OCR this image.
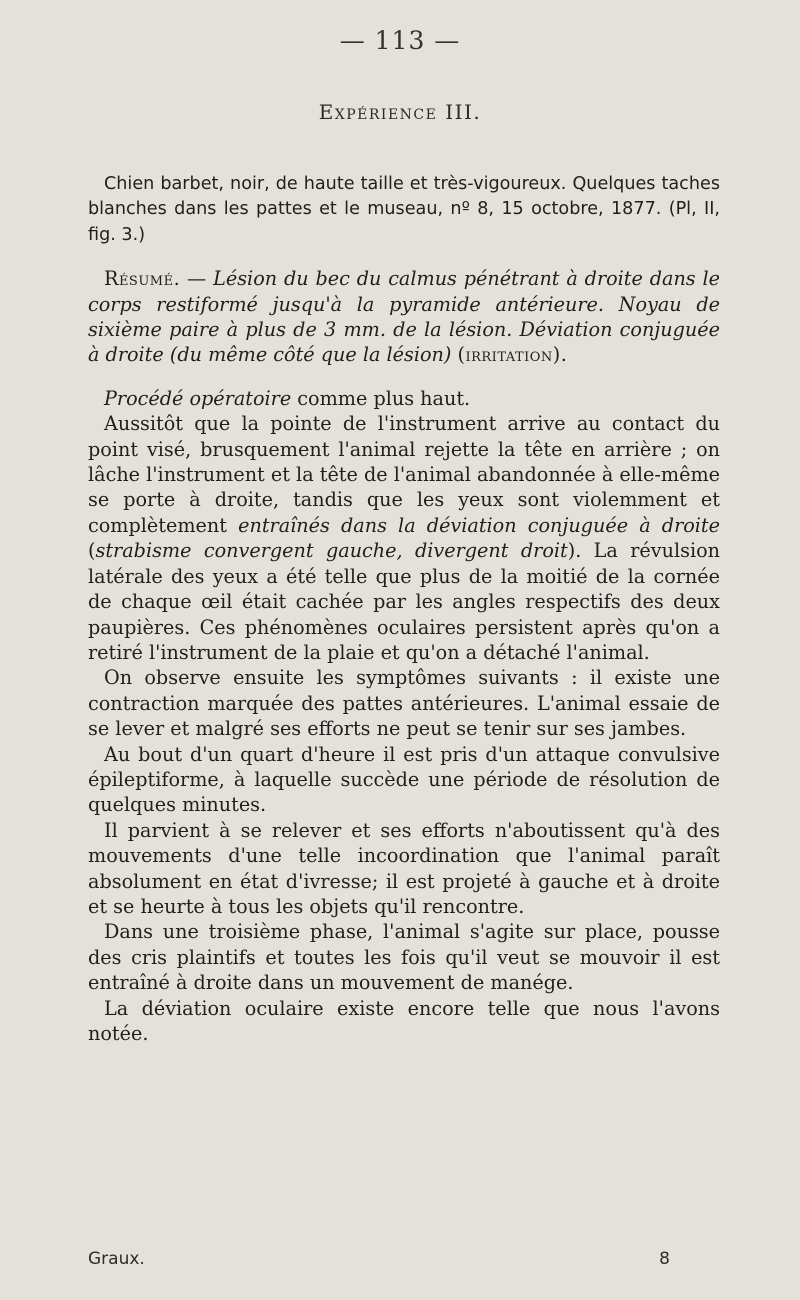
— 113 —
Expérience III.

Chien barbet, noir, de haute taille et très-vigoureux. Quelques taches blanches dans les pattes et le museau, nº 8, 15 octobre, 1877. (Pl, II, fig. 3.)

Résumé. — Lésion du bec du calmus pénétrant à droite dans le corps restiformé jusqu'à la pyramide antérieure. Noyau de sixième paire à plus de 3 mm. de la lésion. Déviation conjuguée à droite (du même côté que la lésion) (irritation).

Procédé opératoire comme plus haut.

Aussitôt que la pointe de l'instrument arrive au contact du point visé, brusquement l'animal rejette la tête en arrière ; on lâche l'instrument et la tête de l'animal abandonnée à elle-même se porte à droite, tandis que les yeux sont violemment et complètement entraînés dans la déviation conjuguée à droite (strabisme convergent gauche, divergent droit). La révulsion latérale des yeux a été telle que plus de la moitié de la cornée de chaque œil était cachée par les angles respectifs des deux paupières. Ces phénomènes oculaires persistent après qu'on a retiré l'instrument de la plaie et qu'on a détaché l'animal.

On observe ensuite les symptômes suivants : il existe une contraction marquée des pattes antérieures. L'animal essaie de se lever et malgré ses efforts ne peut se tenir sur ses jambes.

Au bout d'un quart d'heure il est pris d'un attaque convulsive épileptiforme, à laquelle succède une période de résolution de quelques minutes.

Il parvient à se relever et ses efforts n'aboutissent qu'à des mouvements d'une telle incoordination que l'animal paraît absolument en état d'ivresse; il est projeté à gauche et à droite et se heurte à tous les objets qu'il rencontre.

Dans une troisième phase, l'animal s'agite sur place, pousse des cris plaintifs et toutes les fois qu'il veut se mouvoir il est entraîné à droite dans un mouvement de manége.

La déviation oculaire existe encore telle que nous l'avons notée.

Graux.	8
